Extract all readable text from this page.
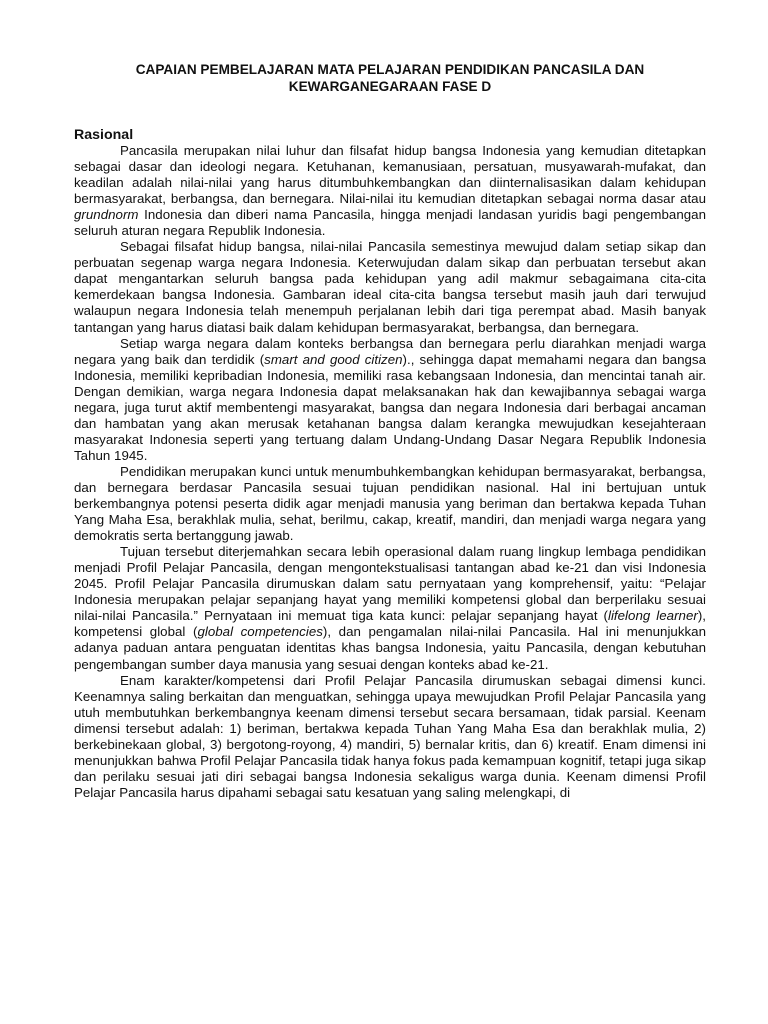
CAPAIAN PEMBELAJARAN MATA PELAJARAN PENDIDIKAN PANCASILA DAN
KEWARGANEGARAAN FASE D
Rasional

Pancasila merupakan nilai luhur dan filsafat hidup bangsa Indonesia yang kemudian ditetapkan sebagai dasar dan ideologi negara. Ketuhanan, kemanusiaan, persatuan, musyawarah-mufakat, dan keadilan adalah nilai-nilai yang harus ditumbuhkembangkan dan diinternalisasikan dalam kehidupan bermasyarakat, berbangsa, dan bernegara. Nilai-nilai itu kemudian ditetapkan sebagai norma dasar atau grundnorm Indonesia dan diberi nama Pancasila, hingga menjadi landasan yuridis bagi pengembangan seluruh aturan negara Republik Indonesia.

Sebagai filsafat hidup bangsa, nilai-nilai Pancasila semestinya mewujud dalam setiap sikap dan perbuatan segenap warga negara Indonesia. Keterwujudan dalam sikap dan perbuatan tersebut akan dapat mengantarkan seluruh bangsa pada kehidupan yang adil makmur sebagaimana cita-cita kemerdekaan bangsa Indonesia. Gambaran ideal cita-cita bangsa tersebut masih jauh dari terwujud walaupun negara Indonesia telah menempuh perjalanan lebih dari tiga perempat abad. Masih banyak tantangan yang harus diatasi baik dalam kehidupan bermasyarakat, berbangsa, dan bernegara.

Setiap warga negara dalam konteks berbangsa dan bernegara perlu diarahkan menjadi warga negara yang baik dan terdidik (smart and good citizen)., sehingga dapat memahami negara dan bangsa Indonesia, memiliki kepribadian Indonesia, memiliki rasa kebangsaan Indonesia, dan mencintai tanah air. Dengan demikian, warga negara Indonesia dapat melaksanakan hak dan kewajibannya sebagai warga negara, juga turut aktif membentengi masyarakat, bangsa dan negara Indonesia dari berbagai ancaman dan hambatan yang akan merusak ketahanan bangsa dalam kerangka mewujudkan kesejahteraan masyarakat Indonesia seperti yang tertuang dalam Undang-Undang Dasar Negara Republik Indonesia Tahun 1945.

Pendidikan merupakan kunci untuk menumbuhkembangkan kehidupan bermasyarakat, berbangsa, dan bernegara berdasar Pancasila sesuai tujuan pendidikan nasional. Hal ini bertujuan untuk berkembangnya potensi peserta didik agar menjadi manusia yang beriman dan bertakwa kepada Tuhan Yang Maha Esa, berakhlak mulia, sehat, berilmu, cakap, kreatif, mandiri, dan menjadi warga negara yang demokratis serta bertanggung jawab.

Tujuan tersebut diterjemahkan secara lebih operasional dalam ruang lingkup lembaga pendidikan menjadi Profil Pelajar Pancasila, dengan mengontekstualisasi tantangan abad ke-21 dan visi Indonesia 2045. Profil Pelajar Pancasila dirumuskan dalam satu pernyataan yang komprehensif, yaitu: “Pelajar Indonesia merupakan pelajar sepanjang hayat yang memiliki kompetensi global dan berperilaku sesuai nilai-nilai Pancasila.” Pernyataan ini memuat tiga kata kunci: pelajar sepanjang hayat (lifelong learner), kompetensi global (global competencies), dan pengamalan nilai-nilai Pancasila. Hal ini menunjukkan adanya paduan antara penguatan identitas khas bangsa Indonesia, yaitu Pancasila, dengan kebutuhan pengembangan sumber daya manusia yang sesuai dengan konteks abad ke-21.

Enam karakter/kompetensi dari Profil Pelajar Pancasila dirumuskan sebagai dimensi kunci. Keenamnya saling berkaitan dan menguatkan, sehingga upaya mewujudkan Profil Pelajar Pancasila yang utuh membutuhkan berkembangnya keenam dimensi tersebut secara bersamaan, tidak parsial. Keenam dimensi tersebut adalah: 1) beriman, bertakwa kepada Tuhan Yang Maha Esa dan berakhlak mulia, 2) berkebinekaan global, 3) bergotong-royong, 4) mandiri, 5) bernalar kritis, dan 6) kreatif. Enam dimensi ini menunjukkan bahwa Profil Pelajar Pancasila tidak hanya fokus pada kemampuan kognitif, tetapi juga sikap dan perilaku sesuai jati diri sebagai bangsa Indonesia sekaligus warga dunia. Keenam dimensi Profil Pelajar Pancasila harus dipahami sebagai satu kesatuan yang saling melengkapi, di
